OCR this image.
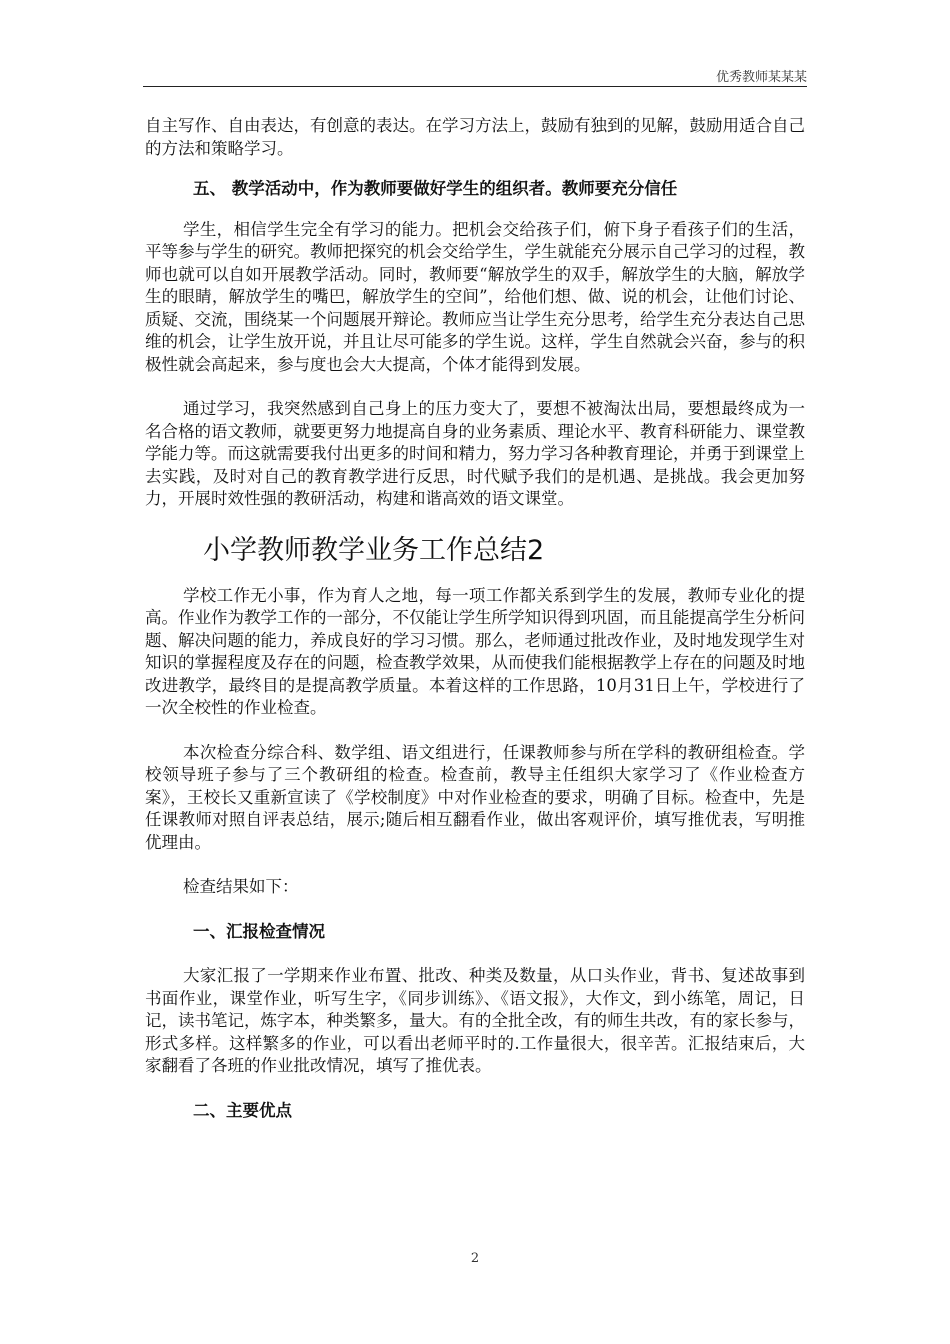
优秀教师某某某

自主写作、自由表达，有创意的表达。在学习方法上，鼓励有独到的见解，鼓励用适合自己的方法和策略学习。

五、 教学活动中，作为教师要做好学生的组织者。教师要充分信任

学生，相信学生完全有学习的能力。把机会交给孩子们，俯下身子看孩子们的生活，平等参与学生的研究。教师把探究的机会交给学生，学生就能充分展示自己学习的过程，教师也就可以自如开展教学活动。同时，教师要“解放学生的双手，解放学生的大脑，解放学生的眼睛，解放学生的嘴巴，解放学生的空间”，给他们想、做、说的机会，让他们讨论、质疑、交流，围绕某一个问题展开辩论。教师应当让学生充分思考，给学生充分表达自己思维的机会，让学生放开说，并且让尽可能多的学生说。这样，学生自然就会兴奋，参与的积极性就会高起来，参与度也会大大提高，个体才能得到发展。

通过学习，我突然感到自己身上的压力变大了，要想不被淘汰出局，要想最终成为一名合格的语文教师，就要更努力地提高自身的业务素质、理论水平、教育科研能力、课堂教学能力等。而这就需要我付出更多的时间和精力，努力学习各种教育理论，并勇于到课堂上去实践，及时对自己的教育教学进行反思，时代赋予我们的是机遇、是挑战。我会更加努力，开展时效性强的教研活动，构建和谐高效的语文课堂。

小学教师教学业务工作总结2

学校工作无小事，作为育人之地，每一项工作都关系到学生的发展，教师专业化的提高。作业作为教学工作的一部分，不仅能让学生所学知识得到巩固，而且能提高学生分析问题、解决问题的能力，养成良好的学习习惯。那么，老师通过批改作业，及时地发现学生对知识的掌握程度及存在的问题，检查教学效果，从而使我们能根据教学上存在的问题及时地改进教学，最终目的是提高教学质量。本着这样的工作思路，10月31日上午，学校进行了一次全校性的作业检查。

本次检查分综合科、数学组、语文组进行，任课教师参与所在学科的教研组检查。学校领导班子参与了三个教研组的检查。检查前，教导主任组织大家学习了《作业检查方案》，王校长又重新宣读了《学校制度》中对作业检查的要求，明确了目标。检查中，先是任课教师对照自评表总结，展示;随后相互翻看作业，做出客观评价，填写推优表，写明推优理由。

检查结果如下：

一、汇报检查情况

大家汇报了一学期来作业布置、批改、种类及数量，从口头作业，背书、复述故事到书面作业，课堂作业，听写生字，《同步训练》、《语文报》，大作文，到小练笔，周记，日记，读书笔记，炼字本，种类繁多，量大。有的全批全改，有的师生共改，有的家长参与，形式多样。这样繁多的作业，可以看出老师平时的.工作量很大，很辛苦。汇报结束后，大家翻看了各班的作业批改情况，填写了推优表。

二、主要优点

2
